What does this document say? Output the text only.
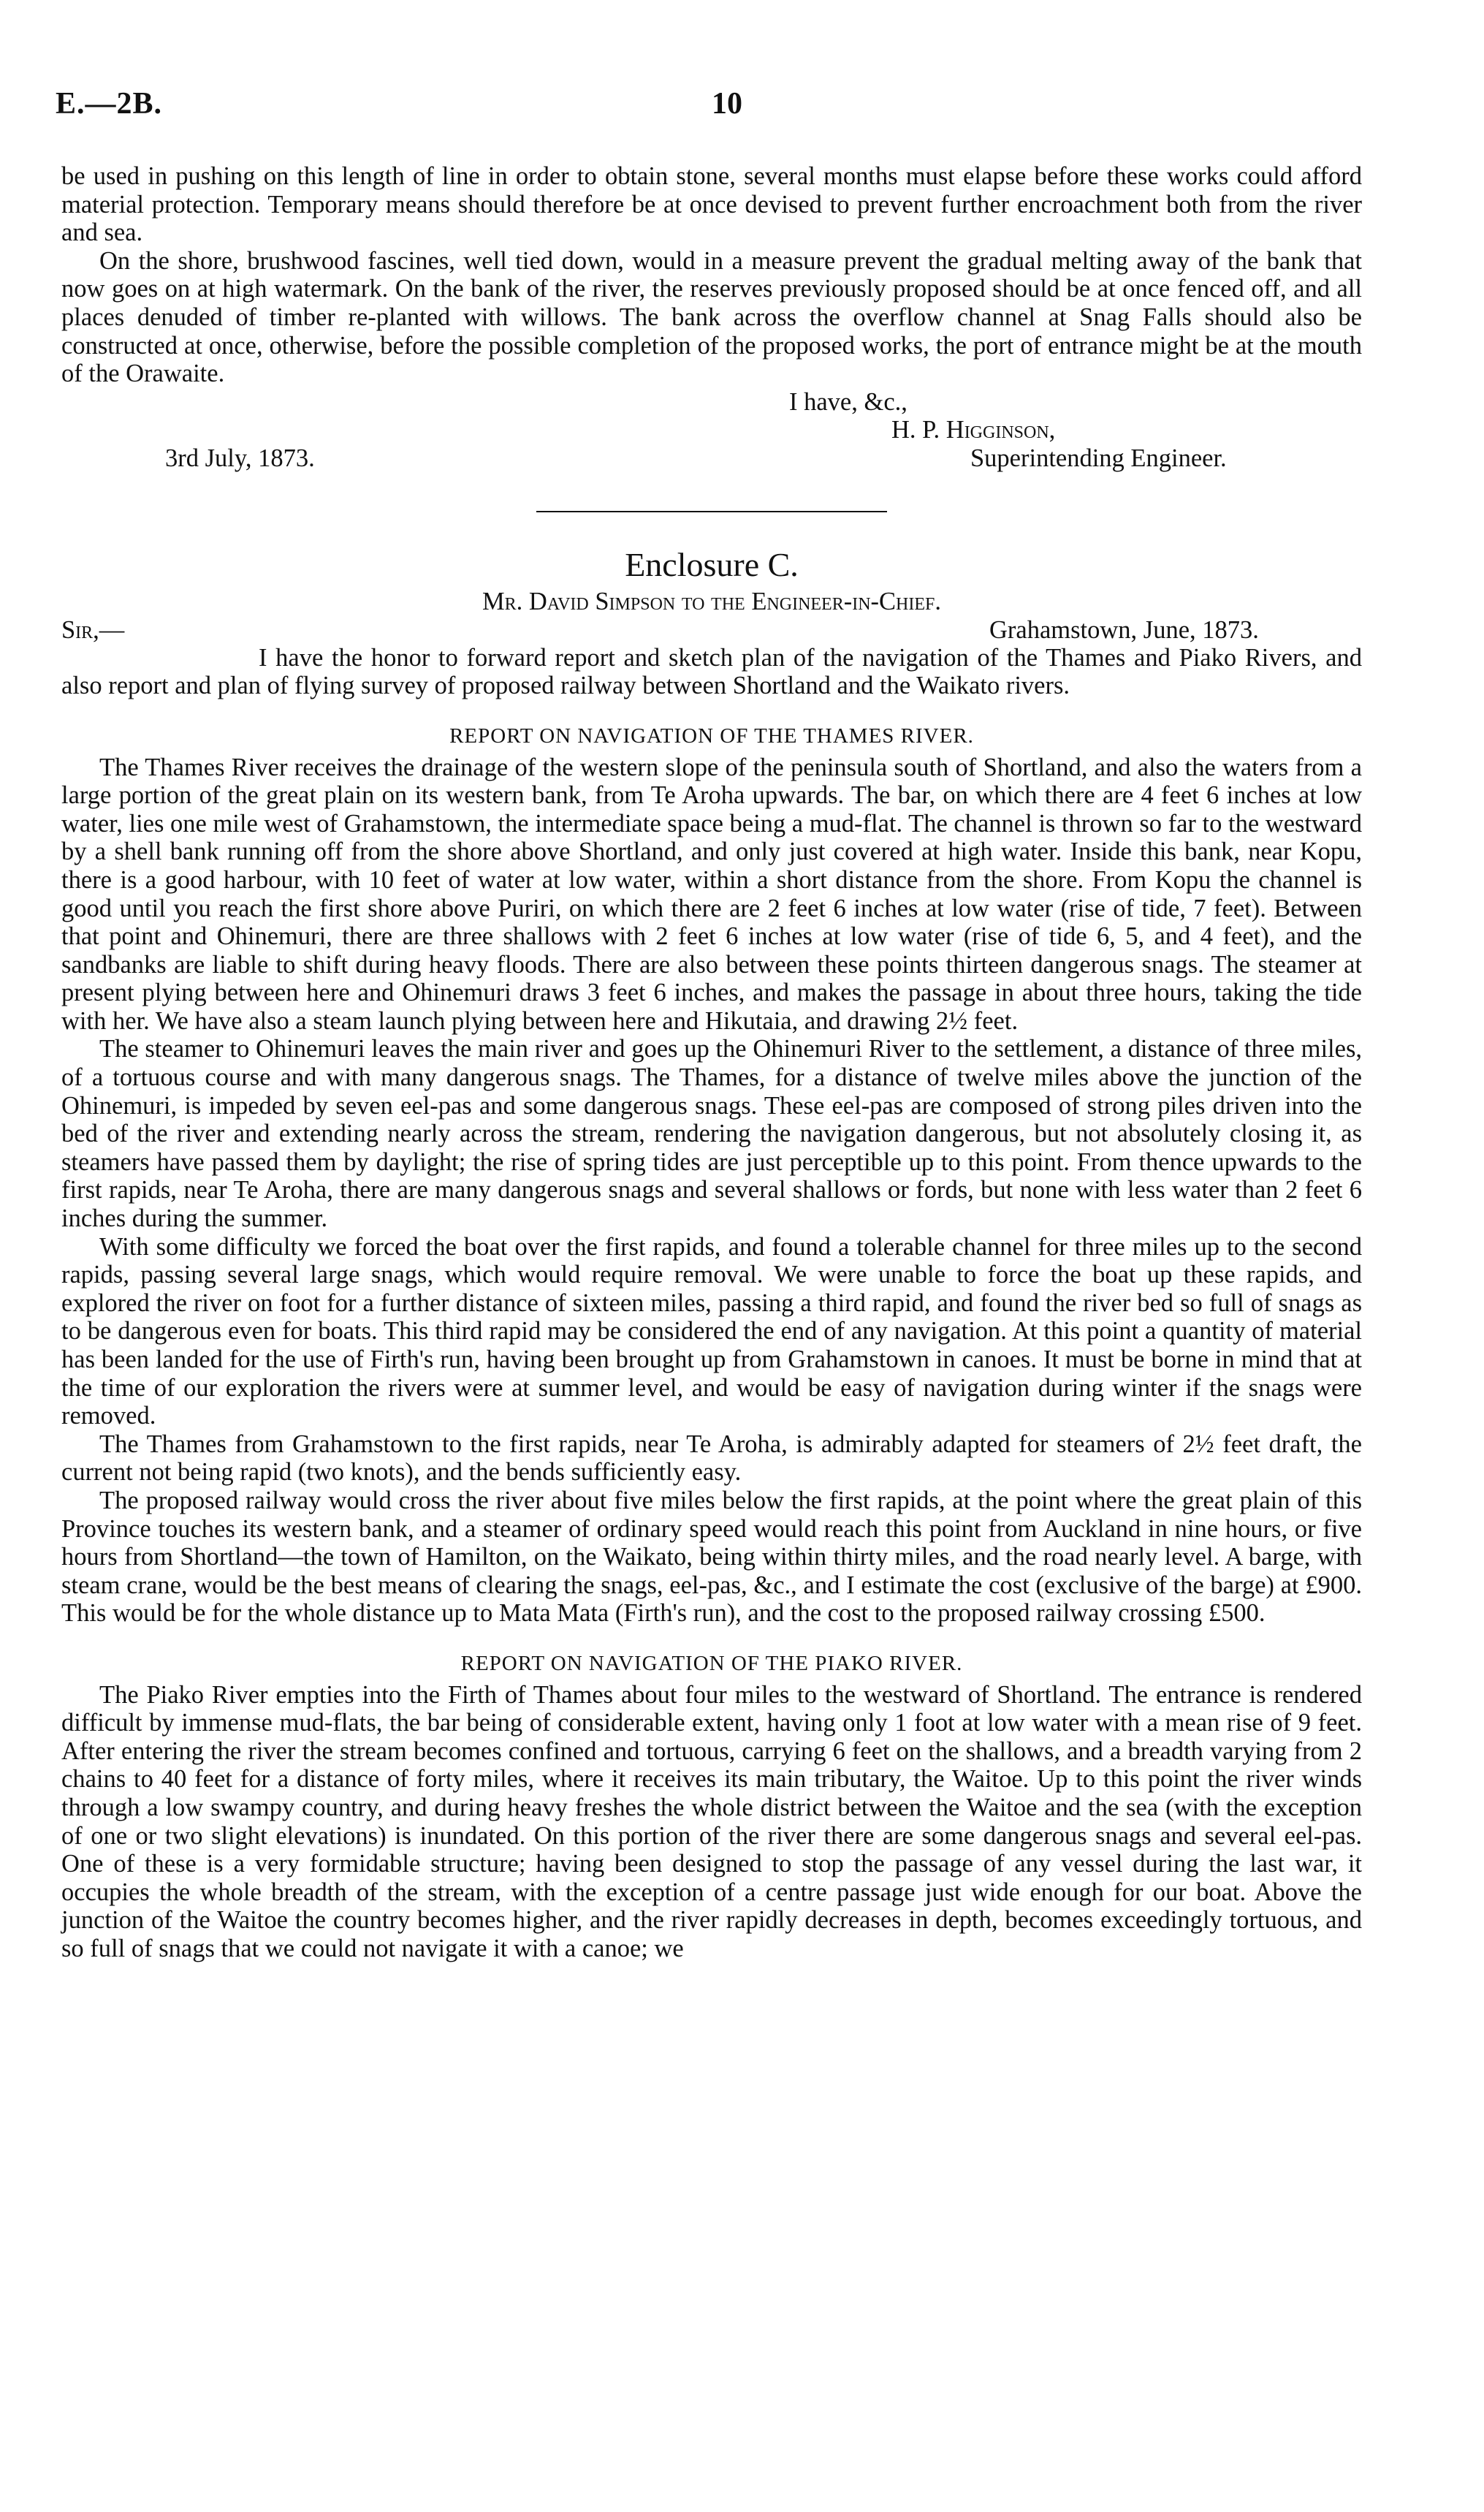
E.—2B.	10

be used in pushing on this length of line in order to obtain stone, several months must elapse before these works could afford material protection. Temporary means should therefore be at once devised to prevent further encroachment both from the river and sea.

On the shore, brushwood fascines, well tied down, would in a measure prevent the gradual melting away of the bank that now goes on at high watermark. On the bank of the river, the reserves previously proposed should be at once fenced off, and all places denuded of timber re-planted with willows. The bank across the overflow channel at Snag Falls should also be constructed at once, otherwise, before the possible completion of the proposed works, the port of entrance might be at the mouth of the Orawaite.

I have, &c.,
H. P. Higginson,
3rd July, 1873.	Superintending Engineer.
Enclosure C.
Mr. David Simpson to the Engineer-in-Chief.
Sir,—	Grahamstown, June, 1873.

I have the honor to forward report and sketch plan of the navigation of the Thames and Piako Rivers, and also report and plan of flying survey of proposed railway between Shortland and the Waikato rivers.

REPORT ON NAVIGATION OF THE THAMES RIVER.

The Thames River receives the drainage of the western slope of the peninsula south of Shortland, and also the waters from a large portion of the great plain on its western bank, from Te Aroha upwards. The bar, on which there are 4 feet 6 inches at low water, lies one mile west of Grahamstown, the intermediate space being a mud-flat. The channel is thrown so far to the westward by a shell bank running off from the shore above Shortland, and only just covered at high water. Inside this bank, near Kopu, there is a good harbour, with 10 feet of water at low water, within a short distance from the shore. From Kopu the channel is good until you reach the first shore above Puriri, on which there are 2 feet 6 inches at low water (rise of tide, 7 feet). Between that point and Ohinemuri, there are three shallows with 2 feet 6 inches at low water (rise of tide 6, 5, and 4 feet), and the sandbanks are liable to shift during heavy floods. There are also between these points thirteen dangerous snags. The steamer at present plying between here and Ohinemuri draws 3 feet 6 inches, and makes the passage in about three hours, taking the tide with her. We have also a steam launch plying between here and Hikutaia, and drawing 2½ feet.

The steamer to Ohinemuri leaves the main river and goes up the Ohinemuri River to the settlement, a distance of three miles, of a tortuous course and with many dangerous snags. The Thames, for a distance of twelve miles above the junction of the Ohinemuri, is impeded by seven eel-pas and some dangerous snags. These eel-pas are composed of strong piles driven into the bed of the river and extending nearly across the stream, rendering the navigation dangerous, but not absolutely closing it, as steamers have passed them by daylight; the rise of spring tides are just perceptible up to this point. From thence upwards to the first rapids, near Te Aroha, there are many dangerous snags and several shallows or fords, but none with less water than 2 feet 6 inches during the summer.

With some difficulty we forced the boat over the first rapids, and found a tolerable channel for three miles up to the second rapids, passing several large snags, which would require removal. We were unable to force the boat up these rapids, and explored the river on foot for a further distance of sixteen miles, passing a third rapid, and found the river bed so full of snags as to be dangerous even for boats. This third rapid may be considered the end of any navigation. At this point a quantity of material has been landed for the use of Firth's run, having been brought up from Grahamstown in canoes. It must be borne in mind that at the time of our exploration the rivers were at summer level, and would be easy of navigation during winter if the snags were removed.

The Thames from Grahamstown to the first rapids, near Te Aroha, is admirably adapted for steamers of 2½ feet draft, the current not being rapid (two knots), and the bends sufficiently easy.

The proposed railway would cross the river about five miles below the first rapids, at the point where the great plain of this Province touches its western bank, and a steamer of ordinary speed would reach this point from Auckland in nine hours, or five hours from Shortland—the town of Hamilton, on the Waikato, being within thirty miles, and the road nearly level. A barge, with steam crane, would be the best means of clearing the snags, eel-pas, &c., and I estimate the cost (exclusive of the barge) at £900. This would be for the whole distance up to Mata Mata (Firth's run), and the cost to the proposed railway crossing £500.

REPORT ON NAVIGATION OF THE PIAKO RIVER.

The Piako River empties into the Firth of Thames about four miles to the westward of Shortland. The entrance is rendered difficult by immense mud-flats, the bar being of considerable extent, having only 1 foot at low water with a mean rise of 9 feet. After entering the river the stream becomes confined and tortuous, carrying 6 feet on the shallows, and a breadth varying from 2 chains to 40 feet for a distance of forty miles, where it receives its main tributary, the Waitoe. Up to this point the river winds through a low swampy country, and during heavy freshes the whole district between the Waitoe and the sea (with the exception of one or two slight elevations) is inundated. On this portion of the river there are some dangerous snags and several eel-pas. One of these is a very formidable structure; having been designed to stop the passage of any vessel during the last war, it occupies the whole breadth of the stream, with the exception of a centre passage just wide enough for our boat. Above the junction of the Waitoe the country becomes higher, and the river rapidly decreases in depth, becomes exceedingly tortuous, and so full of snags that we could not navigate it with a canoe; we
